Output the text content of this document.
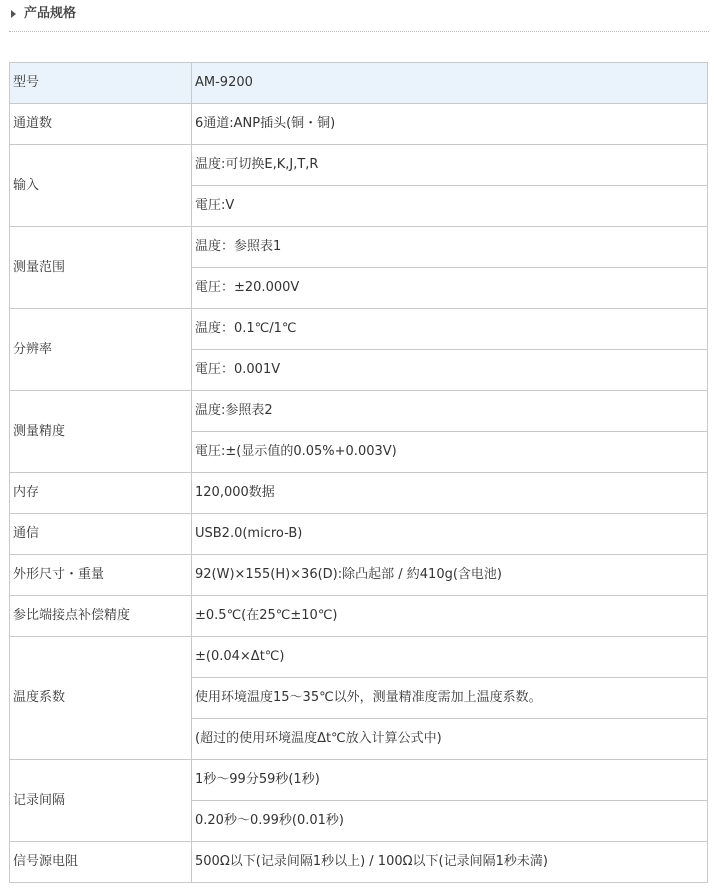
产品规格
型号	AM-9200
通道数	6通道:ANP插头(铜・铜)
输入	温度:可切换E,K,J,T,R
	電圧:V
测量范围	温度：参照表1
	電圧：±20.000V
分辨率	温度：0.1℃/1℃
	電圧：0.001V
测量精度	温度:参照表2
	電圧:±(显示值的0.05%+0.003V)
内存	120,000数据
通信	USB2.0(micro-B)
外形尺寸・重量	92(W)×155(H)×36(D):除凸起部 / 約410g(含电池)
参比端接点补偿精度	±0.5℃(在25℃±10℃)
温度系数	±(0.04×Δt℃)
	使用环境温度15～35℃以外，测量精准度需加上温度系数。
	(超过的使用环境温度Δt℃放入计算公式中)
记录间隔	1秒～99分59秒(1秒)
	0.20秒～0.99秒(0.01秒)
信号源电阻	500Ω以下(记录间隔1秒以上) / 100Ω以下(记录间隔1秒未満)
